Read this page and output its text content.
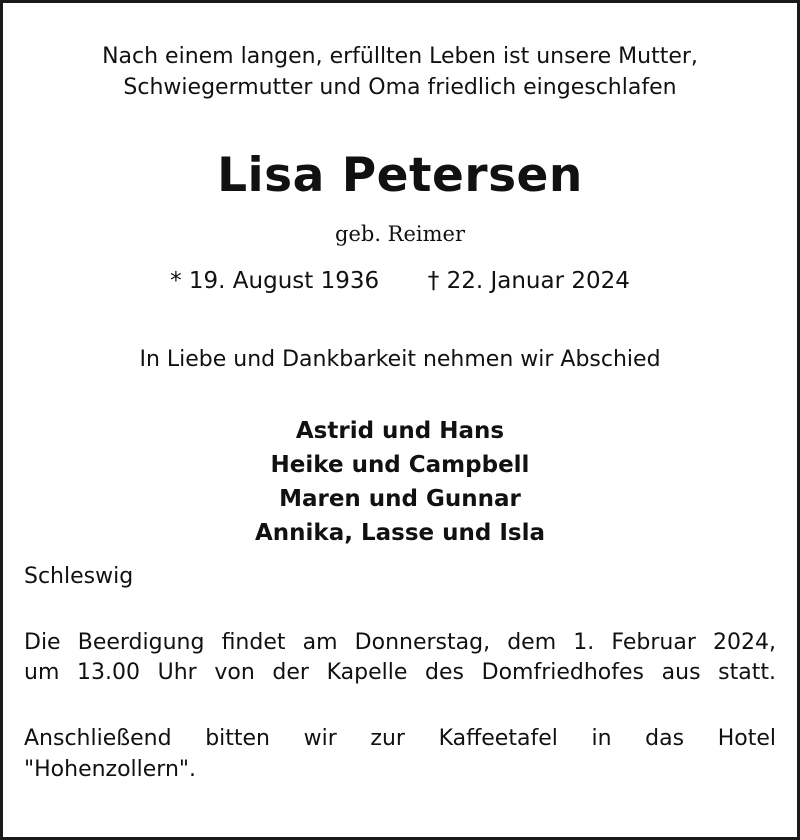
Nach einem langen, erfüllten Leben ist unsere Mutter,
Schwiegermutter und Oma friedlich eingeschlafen
Lisa Petersen
geb. Reimer
* 19. August 1936 † 22. Januar 2024
In Liebe und Dankbarkeit nehmen wir Abschied
Astrid und Hans
Heike und Campbell
Maren und Gunnar
Annika, Lasse und Isla
Schleswig
Die Beerdigung findet am Donnerstag, dem 1. Februar 2024,
um 13.00 Uhr von der Kapelle des Domfriedhofes aus statt.
Anschließend bitten wir zur Kaffeetafel in das Hotel
"Hohenzollern".
